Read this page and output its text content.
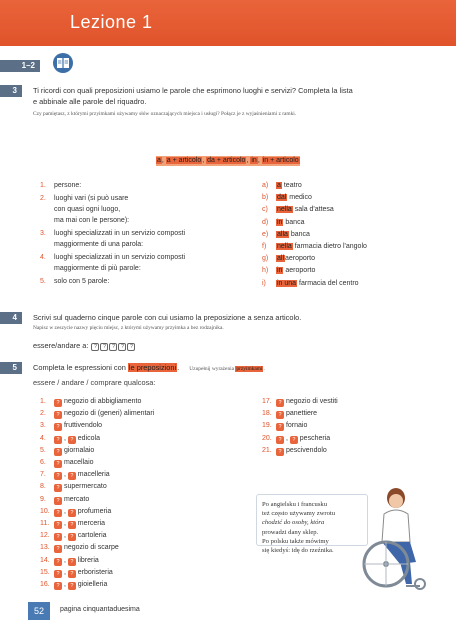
Lezione 1
1–2
3	Ti ricordi con quali preposizioni usiamo le parole che esprimono luoghi e servizi? Completa la lista
e abbinale alle parole del riquadro.
Czy pamiętasz, z którymi przyimkami używamy słów oznaczających miejsca i usługi? Połącz je z wyjaśnieniami z ramki.
a, a + articolo, da + articolo, in, in + articolo
1. persone:
2. luoghi vari (si può usare
con quasi ogni luogo,
ma mai con le persone):
3. luoghi specializzati in un servizio composti
maggiormente di una parola:
4. luoghi specializzati in un servizio composti
maggiormente di più parole:
5. solo con 5 parole:
a) a teatro
b) dal medico
c) nella sala d'attesa
d) in banca
e) alla banca
f) nella farmacia dietro l'angolo
g) allaeroporto
h) in aeroporto
i) in una farmacia del centro
4	Scrivi sul quaderno cinque parole con cui usiamo la preposizione a senza articolo.
Napisz w zeszycie nazwy pięciu miejsc, z którymi używamy przyimka a bez rodzajnika.
essere/andare a: ? ? ? ? ?
5	Completa le espressioni con le preposizioni. Uzupełnij wyrażenia przyimkami.
essere / andare / comprare qualcosa:
1. ? negozio di abbigliamento
2. ? negozio di (generi) alimentari
3. ? fruttivendolo
4. ? , ? edicola
5. ? giornalaio
6. ? macellaio
7. ? , ? macelleria
8. ? supermercato
9. ? mercato
10. ? , ? profumeria
11. ? , ? merceria
12. ? , ? cartoleria
13. ? negozio di scarpe
14. ? , ? libreria
15. ? , ? erboristeria
16. ? , ? gioielleria
17. ? negozio di vestiti
18. ? panettiere
19. ? fornaio
20. ? , ? pescheria
21. ? pescivendolo
Po angielsku i francusku
też często używamy zwrotu
chodzić do osoby, która
prowadzi dany sklep.
Po polsku także mówimy
się kiedyś: idę do rzeźnika.
52	pagina cinquantaduesima
